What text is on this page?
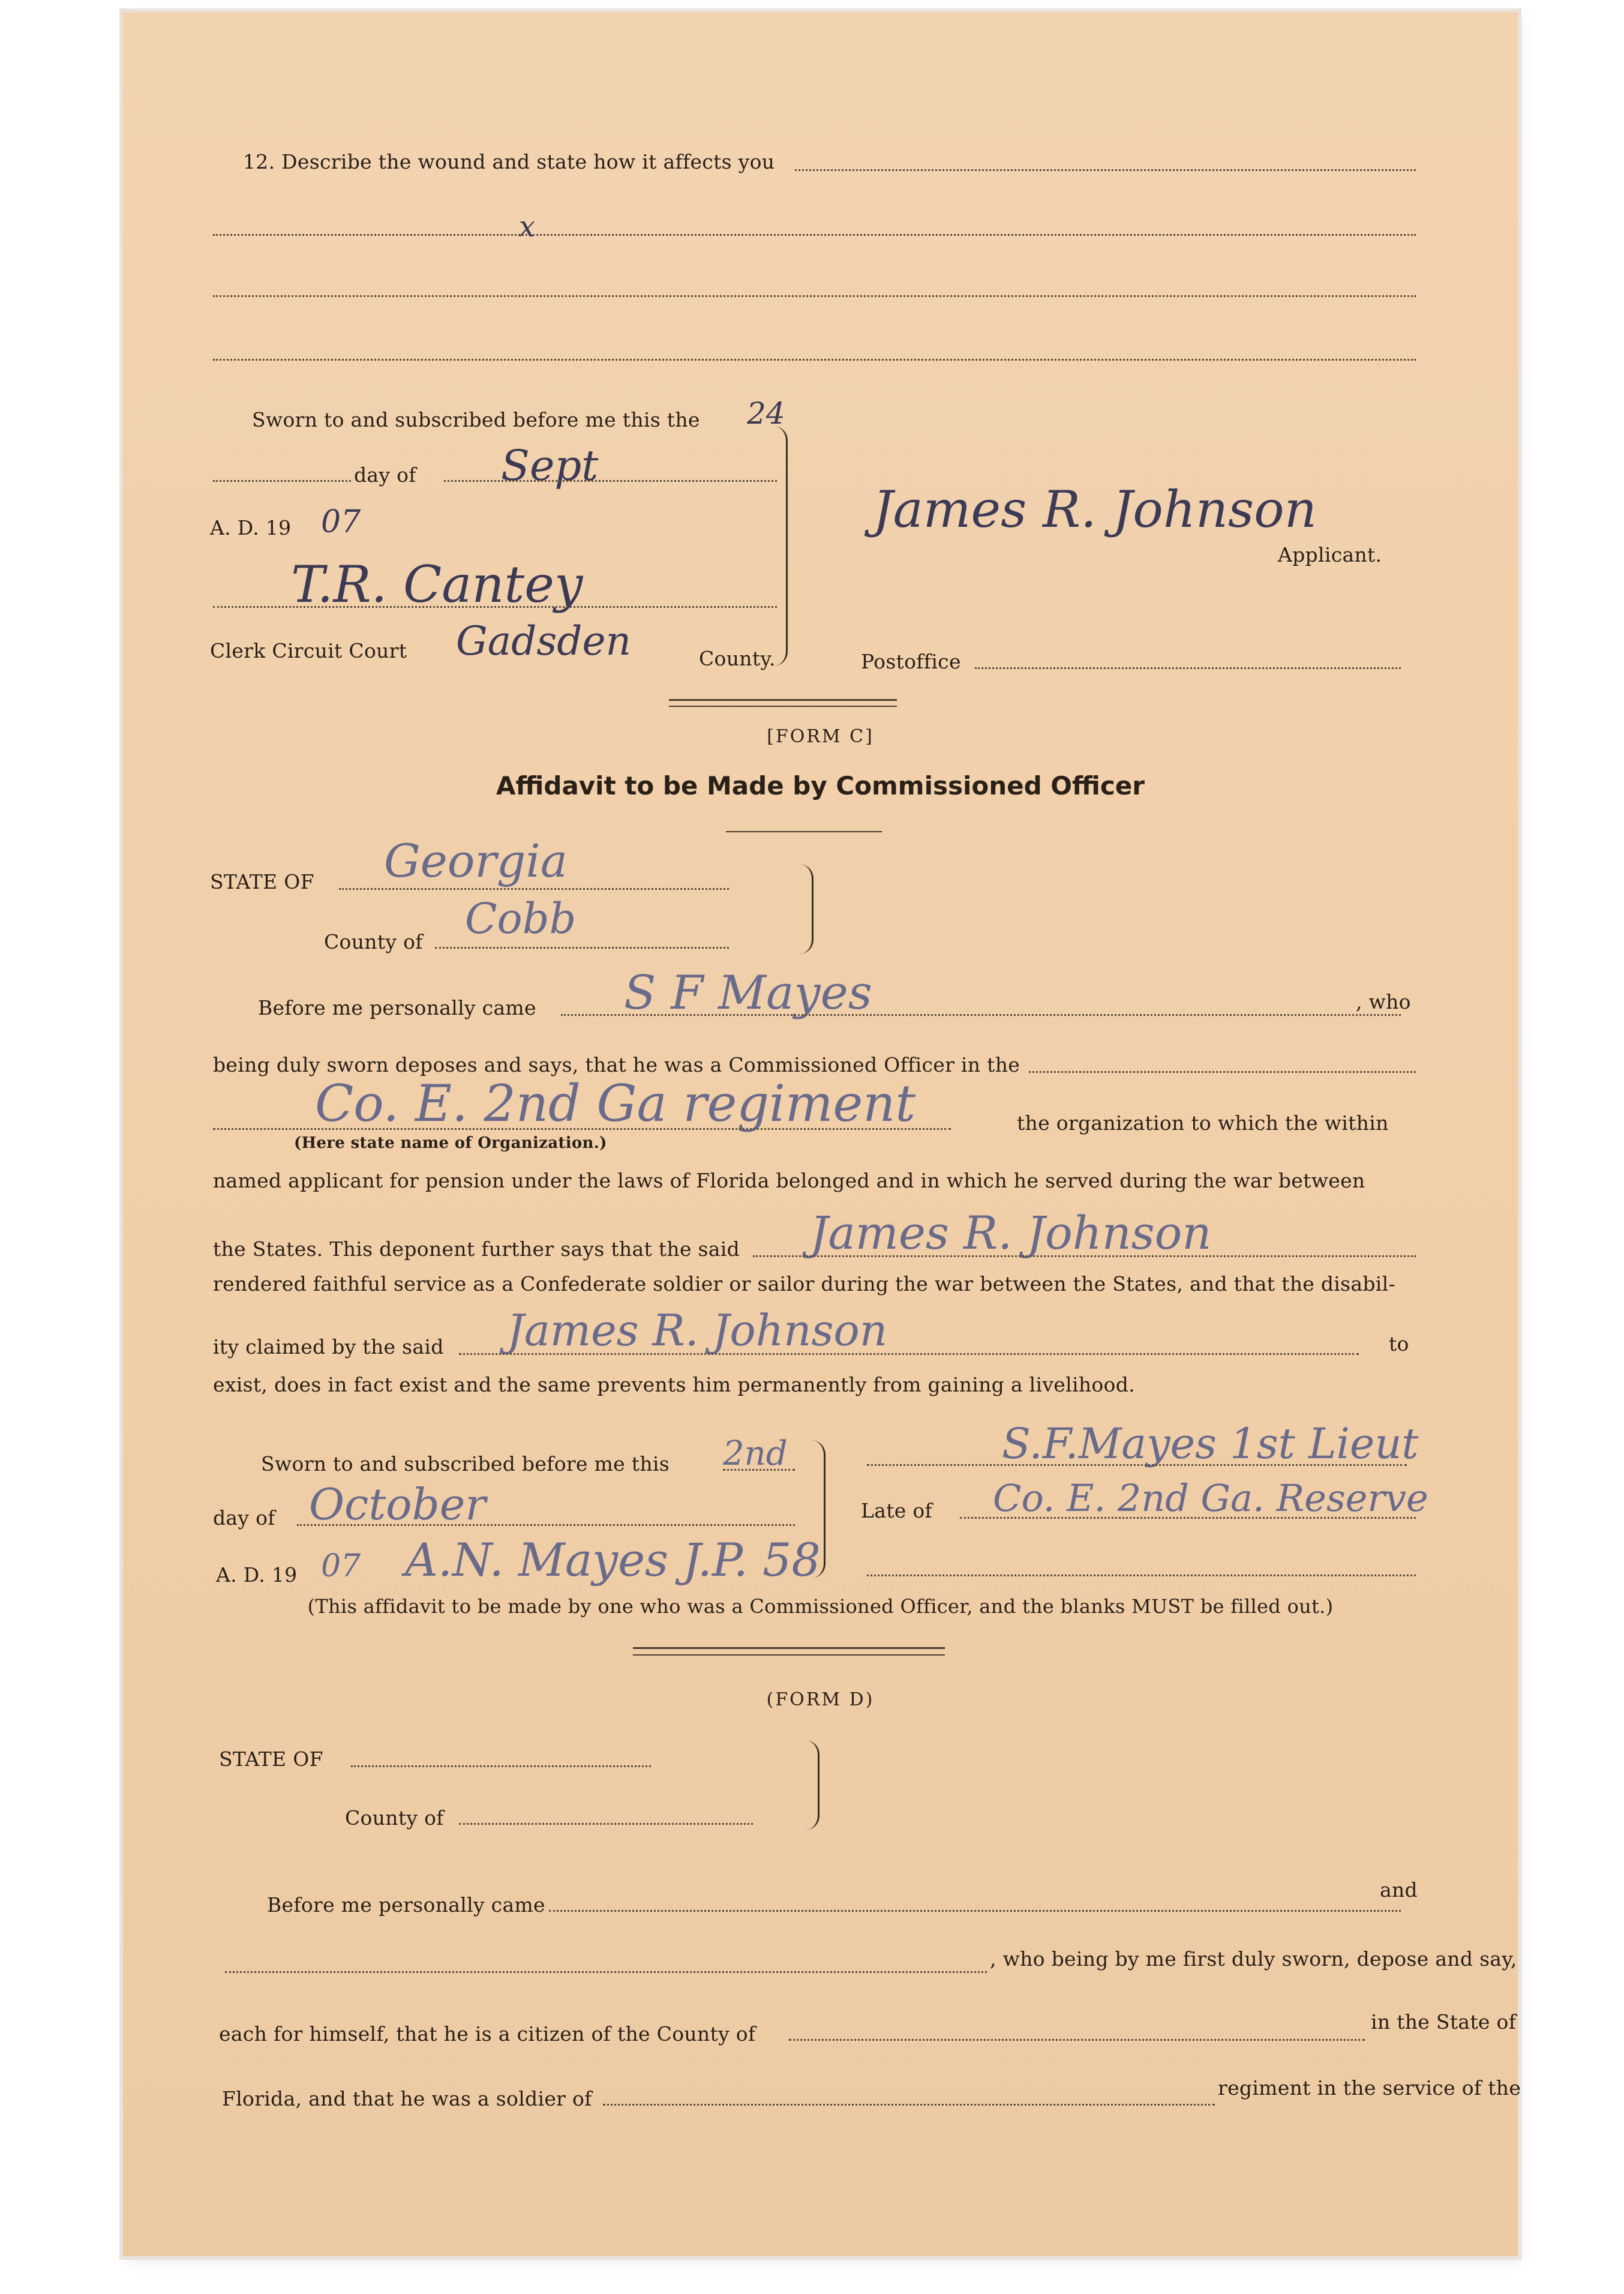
12. Describe the wound and state how it affects you
x
Sworn to and subscribed before me this the 24
day of Sept
A. D. 19 07
T.R. Cantey
Clerk Circuit Court Gadsden	County.
James R. Johnson
Applicant.
Postoffice
[FORM C]
Affidavit to be Made by Commissioned Officer
STATE OF Georgia
County of Cobb
Before me personally came S F Mayes	, who
being duly sworn deposes and says, that he was a Commissioned Officer in the
Co. E. 2nd Ga regiment
(Here state name of Organization.)
the organization to which the within
named applicant for pension under the laws of Florida belonged and in which he served during the war between
the States. This deponent further says that the said James R. Johnson
rendered faithful service as a Confederate soldier or sailor during the war between the States, and that the disabil-
ity claimed by the said James R. Johnson	to
exist, does in fact exist and the same prevents him permanently from gaining a livelihood.
Sworn to and subscribed before me this 2nd	S.F.Mayes 1st Lieut
day of October	Late of Co. E. 2nd Ga. Reserve
A. D. 19 07 A.N. Mayes J.P. 58
(This affidavit to be made by one who was a Commissioned Officer, and the blanks MUST be filled out.)
(FORM D)
STATE OF
County of
Before me personally came
and
, who being by me first duly sworn, depose and say,
each for himself, that he is a citizen of the County of
in the State of
Florida, and that he was a soldier of	regiment in the service of the
